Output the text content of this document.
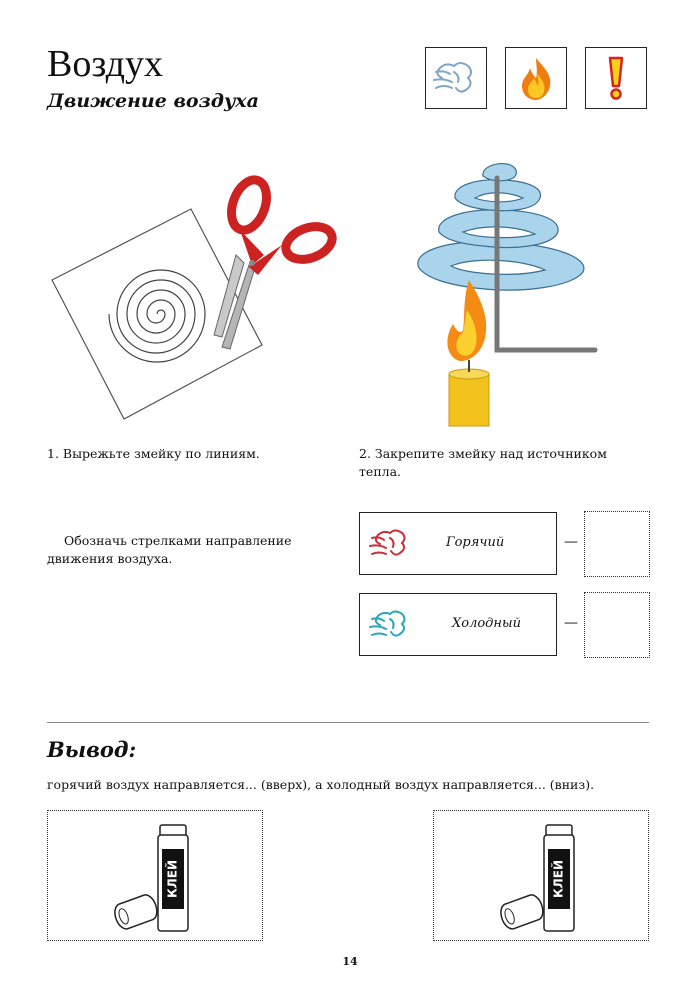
Воздух
Движение воздуха
1. Вырежьте змейку по линиям.	2. Закрепите змейку над источником
тепла.
Обозначь стрелками направление
движения воздуха.
Горячий	—
Холодный	—
Вывод:
горячий воздух направляется... (вверх), а холодный воздух направляется... (вниз).
КЛЕЙ	КЛЕЙ
14
